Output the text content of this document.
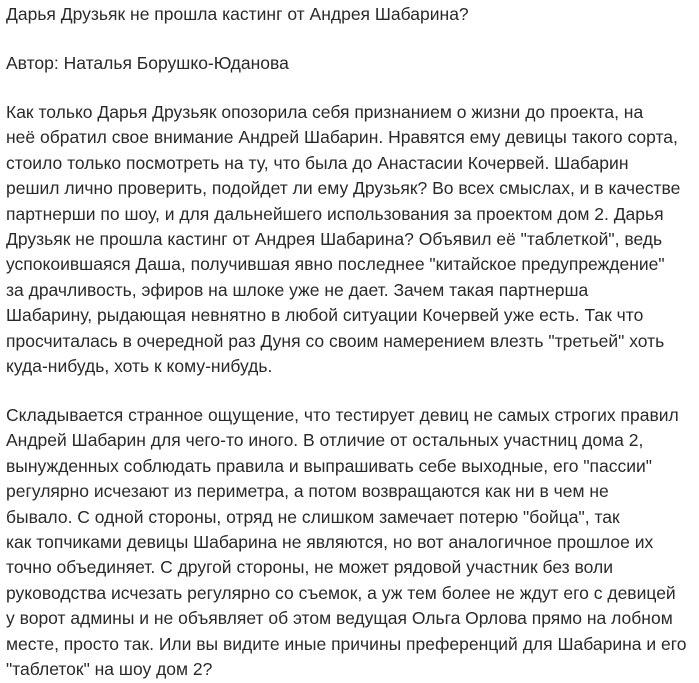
Дарья Друзьяк не прошла кастинг от Андрея Шабарина?
Автор: Наталья Борушко-Юданова
Как только Дарья Друзьяк опозорила себя признанием о жизни до проекта, на
неё обратил свое внимание Андрей Шабарин. Нравятся ему девицы такого сорта,
стоило только посмотреть на ту, что была до Анастасии Кочервей. Шабарин
решил лично проверить, подойдет ли ему Друзьяк? Во всех смыслах, и в качестве
партнерши по шоу, и для дальнейшего использования за проектом дом 2. Дарья
Друзьяк не прошла кастинг от Андрея Шабарина? Объявил её "таблеткой", ведь
успокоившаяся Даша, получившая явно последнее "китайское предупреждение"
за драчливость, эфиров на шлоке уже не дает. Зачем такая партнерша
Шабарину, рыдающая невнятно в любой ситуации Кочервей уже есть. Так что
просчиталась в очередной раз Дуня со своим намерением влезть "третьей" хоть
куда-нибудь, хоть к кому-нибудь.
Складывается странное ощущение, что тестирует девиц не самых строгих правил
Андрей Шабарин для чего-то иного. В отличие от остальных участниц дома 2,
вынужденных соблюдать правила и выпрашивать себе выходные, его "пассии"
регулярно исчезают из периметра, а потом возвращаются как ни в чем не
бывало. С одной стороны, отряд не слишком замечает потерю "бойца", так
как топчиками девицы Шабарина не являются, но вот аналогичное прошлое их
точно объединяет. С другой стороны, не может рядовой участник без воли
руководства исчезать регулярно со съемок, а уж тем более не ждут его с девицей
у ворот админы и не объявляет об этом ведущая Ольга Орлова прямо на лобном
месте, просто так. Или вы видите иные причины преференций для Шабарина и его
"таблеток" на шоу дом 2?
